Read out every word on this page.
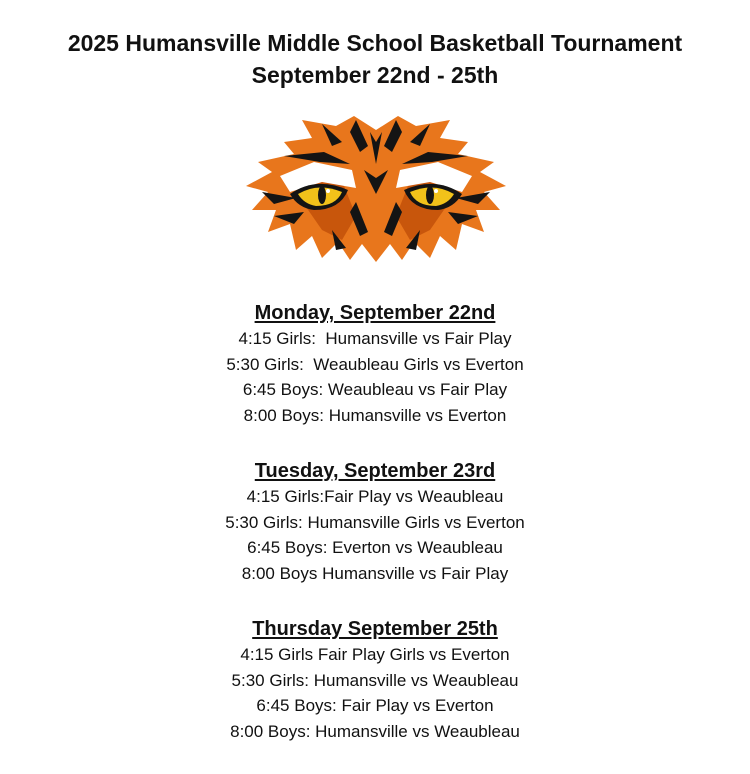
2025 Humansville Middle School Basketball Tournament
September 22nd - 25th

Monday, September 22nd

4:15 Girls:  Humansville vs Fair Play

5:30 Girls:  Weaubleau Girls vs Everton

6:45 Boys: Weaubleau vs Fair Play

8:00 Boys: Humansville vs Everton

Tuesday, September 23rd

4:15 Girls:Fair Play vs Weaubleau

5:30 Girls: Humansville Girls vs Everton

6:45 Boys: Everton vs Weaubleau

8:00 Boys Humansville vs Fair Play

Thursday September 25th

4:15 Girls Fair Play Girls vs Everton

5:30 Girls: Humansville vs Weaubleau

6:45 Boys: Fair Play vs Everton

8:00 Boys: Humansville vs Weaubleau
